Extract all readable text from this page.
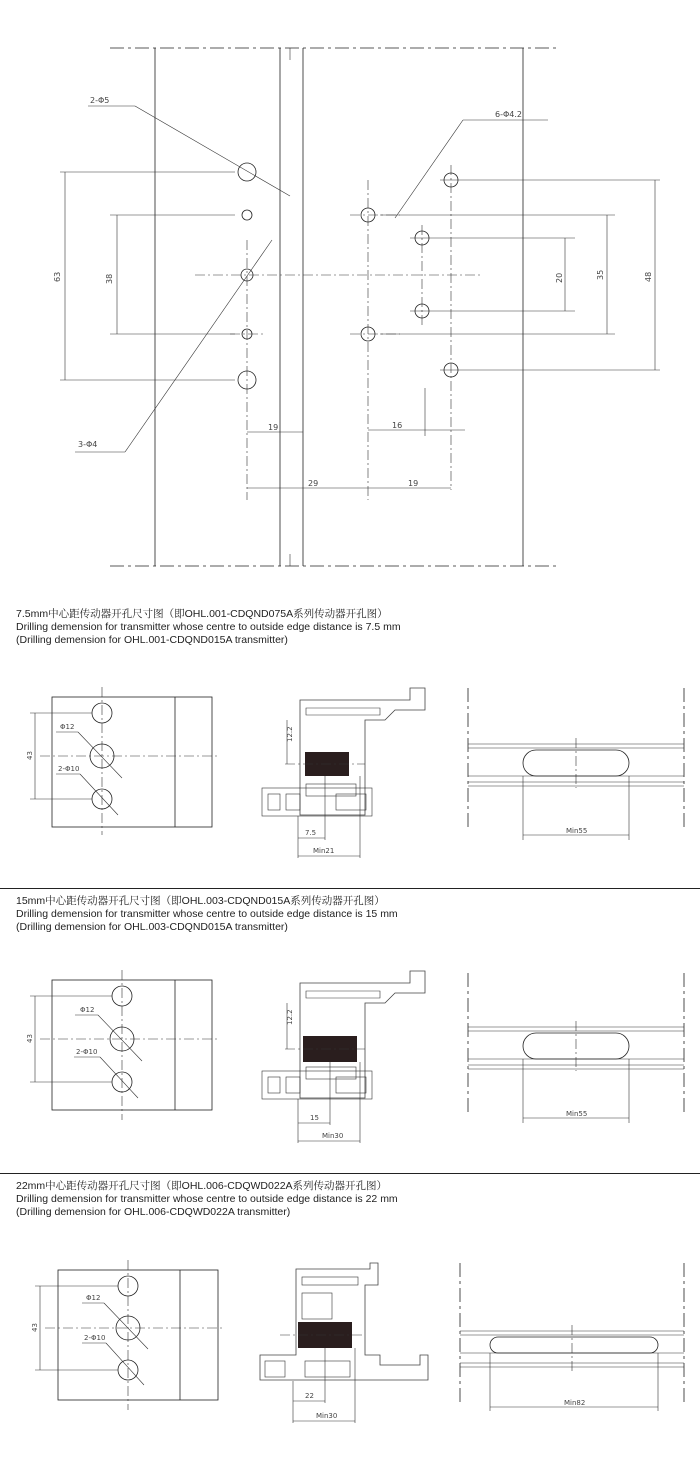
63	38
2-Φ5
3-Φ4
20	35	48
6-Φ4.2
19	16
29	19
7.5mm中心距传动器开孔尺寸图（即OHL.001-CDQND075A系列传动器开孔图）
Drilling demension for transmitter whose centre to outside edge distance is 7.5 mm
(Drilling demension for OHL.001-CDQND015A transmitter)
43
Φ12
2-Φ10
12.2
7.5
Min21
Min55
15mm中心距传动器开孔尺寸图（即OHL.003-CDQND015A系列传动器开孔图）
Drilling demension for transmitter whose centre to outside edge distance is 15 mm
(Drilling demension for OHL.003-CDQND015A transmitter)
43
Φ12
2-Φ10
12.2
15
Min30
Min55
22mm中心距传动器开孔尺寸图（即OHL.006-CDQWD022A系列传动器开孔图）
Drilling demension for transmitter whose centre to outside edge distance is 22 mm
(Drilling demension for OHL.006-CDQWD022A transmitter)
43
Φ12
2-Φ10
22
Min30
Min82
